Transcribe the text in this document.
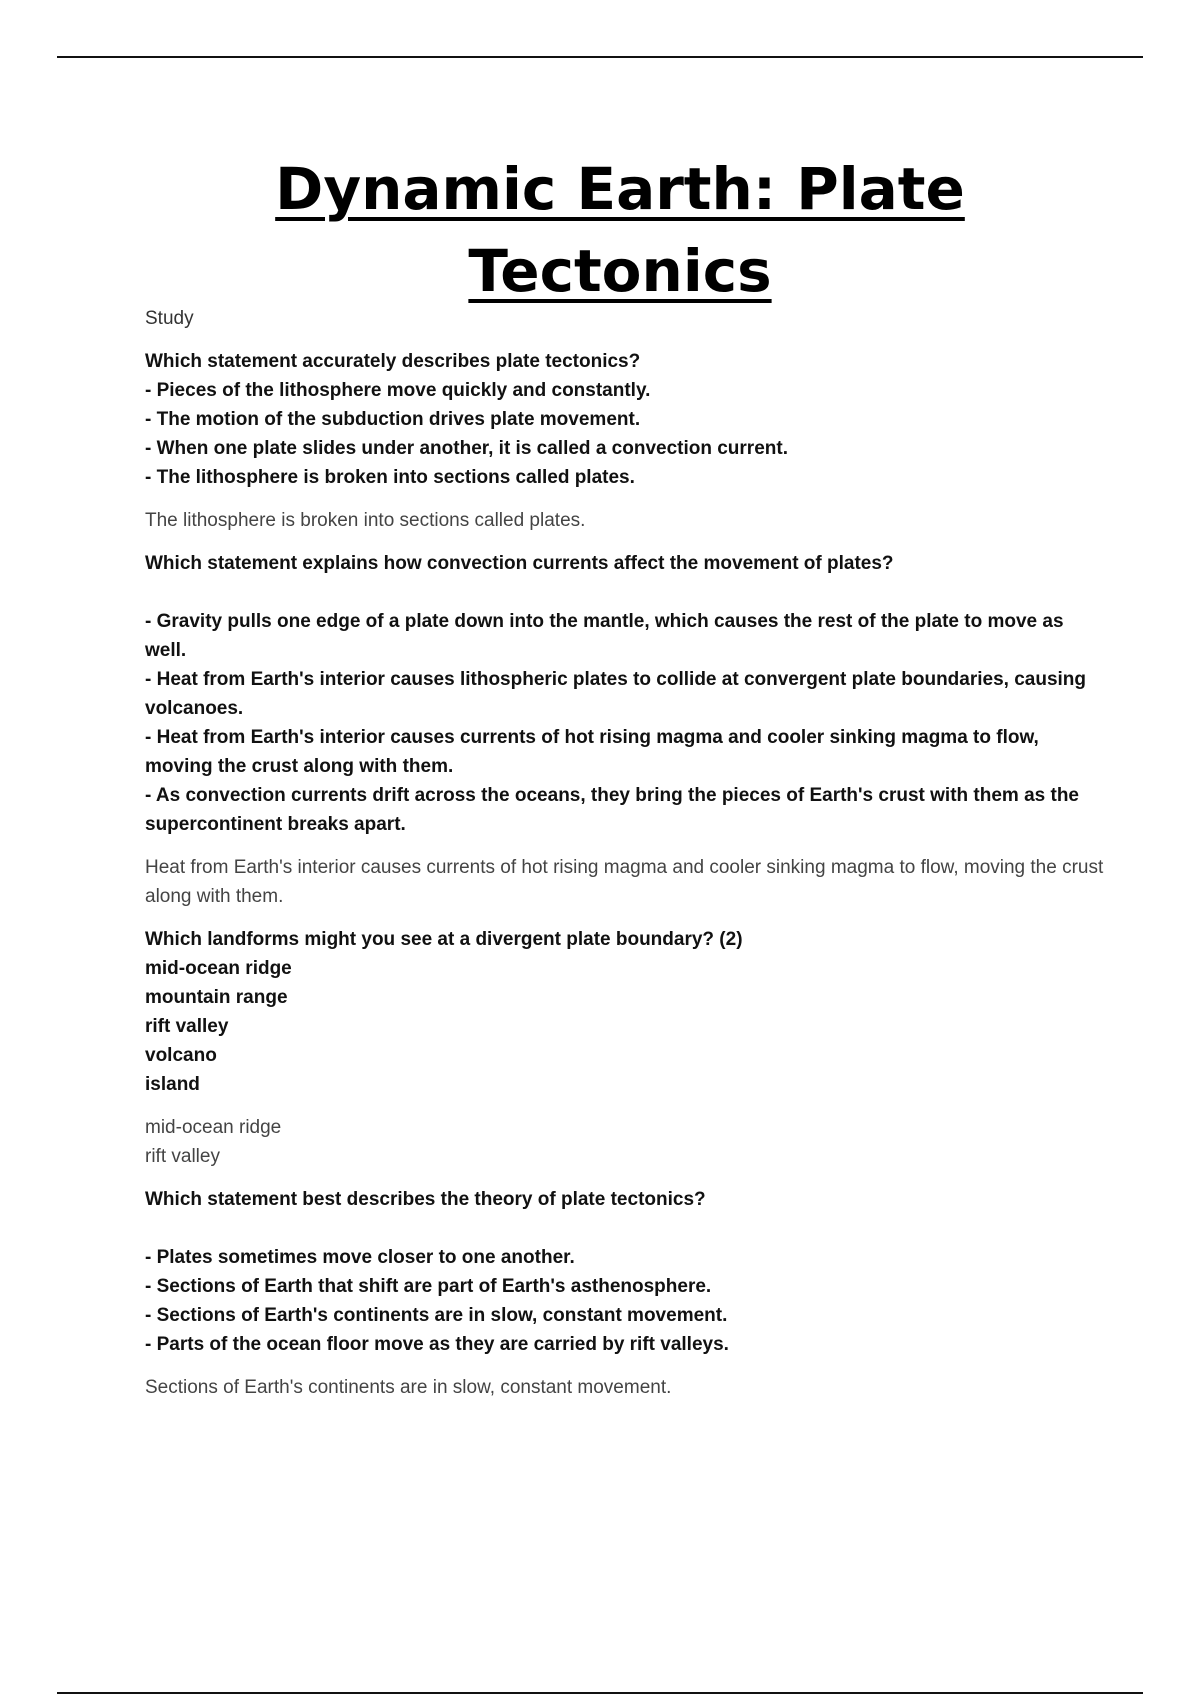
Dynamic Earth: Plate
Tectonics

Study

Which statement accurately describes plate tectonics?

- Pieces of the lithosphere move quickly and constantly.

- The motion of the subduction drives plate movement.

- When one plate slides under another, it is called a convection current.

- The lithosphere is broken into sections called plates.

The lithosphere is broken into sections called plates.

Which statement explains how convection currents affect the movement of plates?

- Gravity pulls one edge of a plate down into the mantle, which causes the rest of the plate to move as well.

- Heat from Earth's interior causes lithospheric plates to collide at convergent plate boundaries, causing volcanoes.

- Heat from Earth's interior causes currents of hot rising magma and cooler sinking magma to flow, moving the crust along with them.

- As convection currents drift across the oceans, they bring the pieces of Earth's crust with them as the supercontinent breaks apart.

Heat from Earth's interior causes currents of hot rising magma and cooler sinking magma to flow, moving the crust along with them.

Which landforms might you see at a divergent plate boundary? (2)

mid-ocean ridge

mountain range

rift valley

volcano

island

mid-ocean ridge

rift valley

Which statement best describes the theory of plate tectonics?

- Plates sometimes move closer to one another.

- Sections of Earth that shift are part of Earth's asthenosphere.

- Sections of Earth's continents are in slow, constant movement.

- Parts of the ocean floor move as they are carried by rift valleys.

Sections of Earth's continents are in slow, constant movement.
